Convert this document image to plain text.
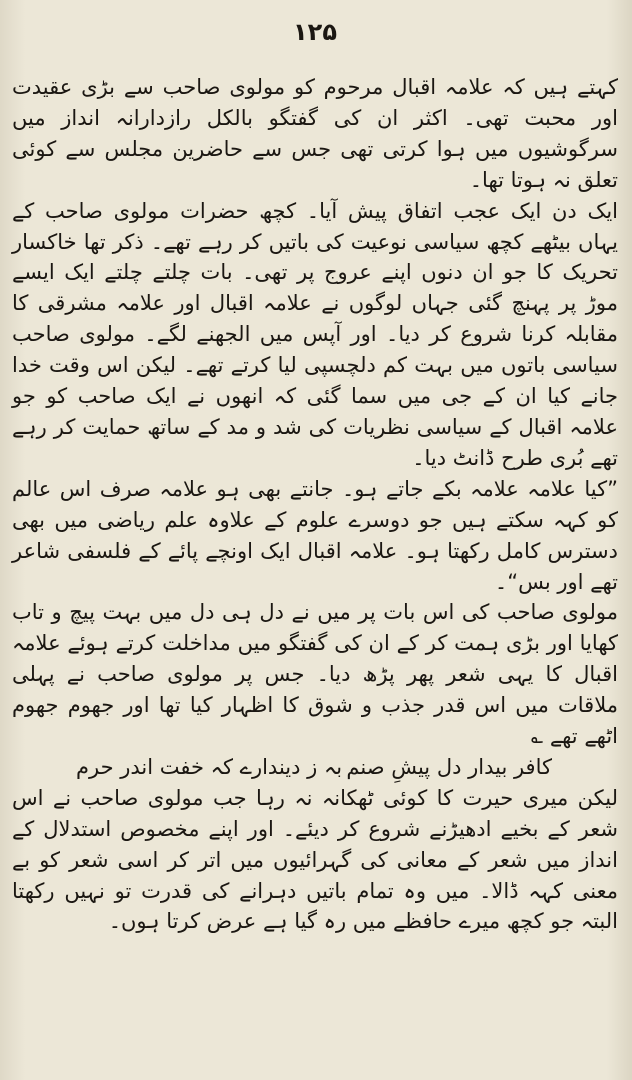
۱۲۵

کہتے ہیں کہ علامہ اقبال مرحوم کو مولوی صاحب سے بڑی عقیدت اور محبت تھی۔ اکثر ان کی گفتگو بالکل رازدارانہ انداز میں سرگوشیوں میں ہوا کرتی تھی جس سے حاضرین مجلس سے کوئی تعلق نہ ہوتا تھا۔

ایک دن ایک عجب اتفاق پیش آیا۔ کچھ حضرات مولوی صاحب کے یہاں بیٹھے کچھ سیاسی نوعیت کی باتیں کر رہے تھے۔ ذکر تھا خاکسار تحریک کا جو ان دنوں اپنے عروج پر تھی۔ بات چلتے چلتے ایک ایسے موڑ پر پہنچ گئی جہاں لوگوں نے علامہ اقبال اور علامہ مشرقی کا مقابلہ کرنا شروع کر دیا۔ اور آپس میں الجھنے لگے۔ مولوی صاحب سیاسی باتوں میں بہت کم دلچسپی لیا کرتے تھے۔ لیکن اس وقت خدا جانے کیا ان کے جی میں سما گئی کہ انھوں نے ایک صاحب کو جو علامہ اقبال کے سیاسی نظریات کی شد و مد کے ساتھ حمایت کر رہے تھے بُری طرح ڈانٹ دیا۔

”کیا علامہ علامہ بکے جاتے ہو۔ جانتے بھی ہو علامہ صرف اس عالم کو کہہ سکتے ہیں جو دوسرے علوم کے علاوہ علم ریاضی میں بھی دسترس کامل رکھتا ہو۔ علامہ اقبال ایک اونچے پائے کے فلسفی شاعر تھے اور بس“۔

مولوی صاحب کی اس بات پر میں نے دل ہی دل میں بہت پیچ و تاب کھایا اور بڑی ہمت کر کے ان کی گفتگو میں مداخلت کرتے ہوئے علامہ اقبال کا یہی شعر پھر پڑھ دیا۔ جس پر مولوی صاحب نے پہلی ملاقات میں اس قدر جذب و شوق کا اظہار کیا تھا اور جھوم جھوم اٹھے تھے ؎

کافر بیدار دل پیشِ صنم
بہ ز دیندارے کہ خفت اندر حرم

لیکن میری حیرت کا کوئی ٹھکانہ نہ رہا جب مولوی صاحب نے اس شعر کے بخیے ادھیڑنے شروع کر دیئے۔ اور اپنے مخصوص استدلال کے انداز میں شعر کے معانی کی گہرائیوں میں اتر کر اسی شعر کو بے معنی کہہ ڈالا۔ میں وہ تمام باتیں دہرانے کی قدرت تو نہیں رکھتا البتہ جو کچھ میرے حافظے میں رہ گیا ہے عرض کرتا ہوں۔
